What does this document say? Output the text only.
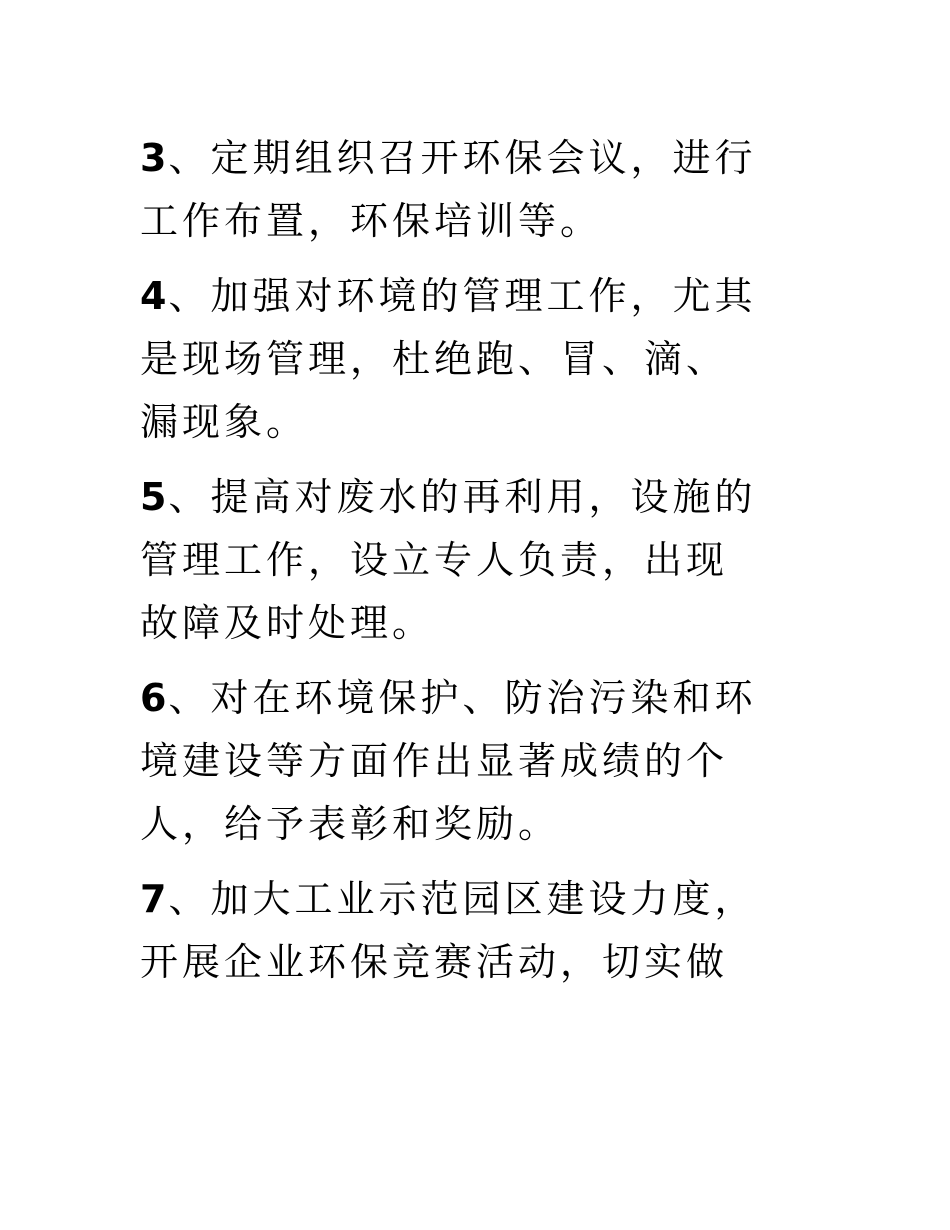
3、定期组织召开环保会议，进行
工作布置，环保培训等。

4、加强对环境的管理工作，尤其
是现场管理，杜绝跑、冒、滴、
漏现象。

5、提高对废水的再利用，设施的
管理工作，设立专人负责，出现
故障及时处理。

6、对在环境保护、防治污染和环
境建设等方面作出显著成绩的个
人，给予表彰和奖励。

7、加大工业示范园区建设力度，
开展企业环保竞赛活动，切实做
